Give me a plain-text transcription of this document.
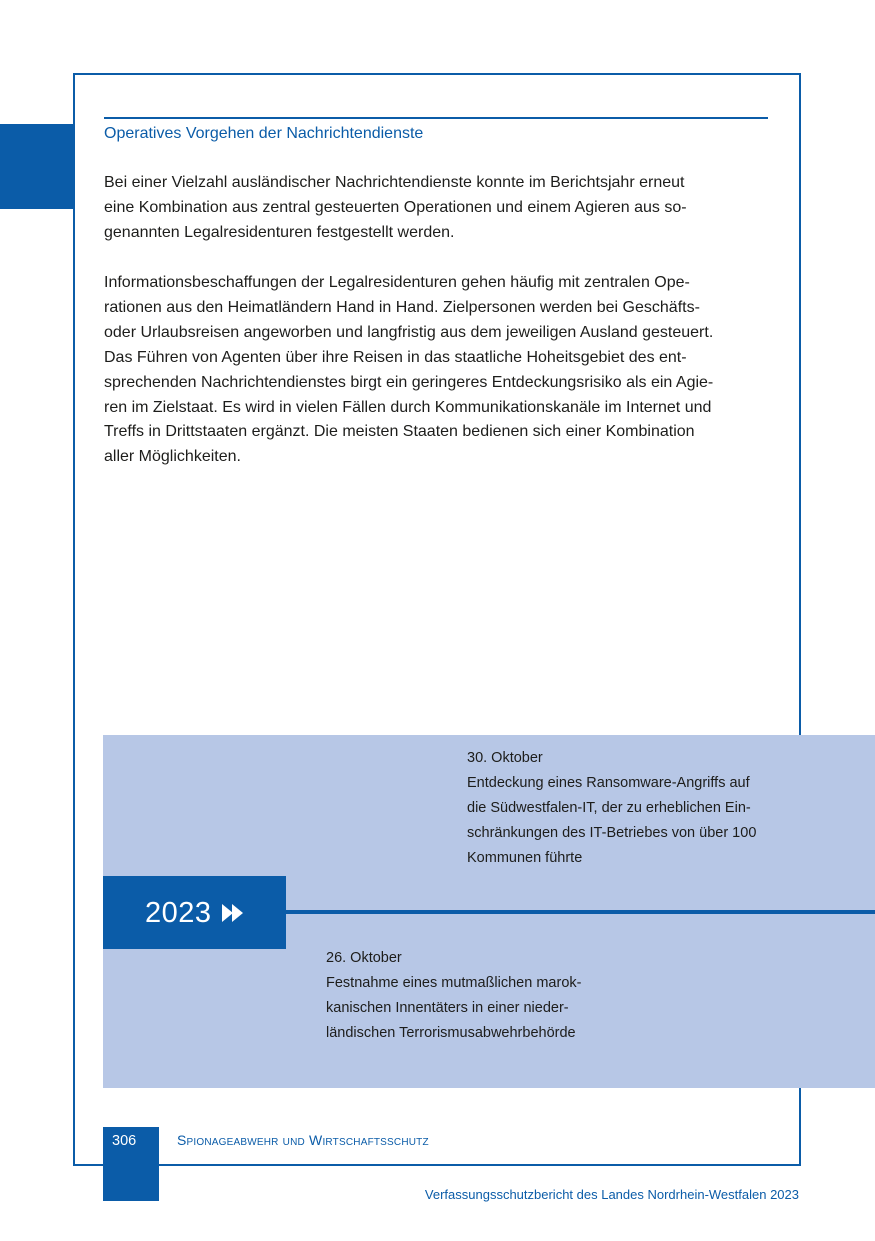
Operatives Vorgehen der Nachrichtendienste
Bei einer Vielzahl ausländischer Nachrichtendienste konnte im Berichtsjahr erneut
eine Kombination aus zentral gesteuerten Operationen und einem Agieren aus so-
genannten Legalresidenturen festgestellt werden.
Informationsbeschaffungen der Legalresidenturen gehen häufig mit zentralen Ope-
rationen aus den Heimatländern Hand in Hand. Zielpersonen werden bei Geschäfts-
oder Urlaubsreisen angeworben und langfristig aus dem jeweiligen Ausland gesteuert.
Das Führen von Agenten über ihre Reisen in das staatliche Hoheitsgebiet des ent-
sprechenden Nachrichtendienstes birgt ein geringeres Entdeckungsrisiko als ein Agie-
ren im Zielstaat. Es wird in vielen Fällen durch Kommunikationskanäle im Internet und
Treffs in Drittstaaten ergänzt. Die meisten Staaten bedienen sich einer Kombination
aller Möglichkeiten.
30. Oktober
Entdeckung eines Ransomware-Angriffs auf
die Südwestfalen-IT, der zu erheblichen Ein-
schränkungen des IT-Betriebes von über 100
Kommunen führte
2023
26. Oktober
Festnahme eines mutmaßlichen marok-
kanischen Innentäters in einer nieder-
ländischen Terrorismusabwehrbehörde
306	Spionageabwehr und Wirtschaftsschutz
Verfassungsschutzbericht des Landes Nordrhein-Westfalen 2023
